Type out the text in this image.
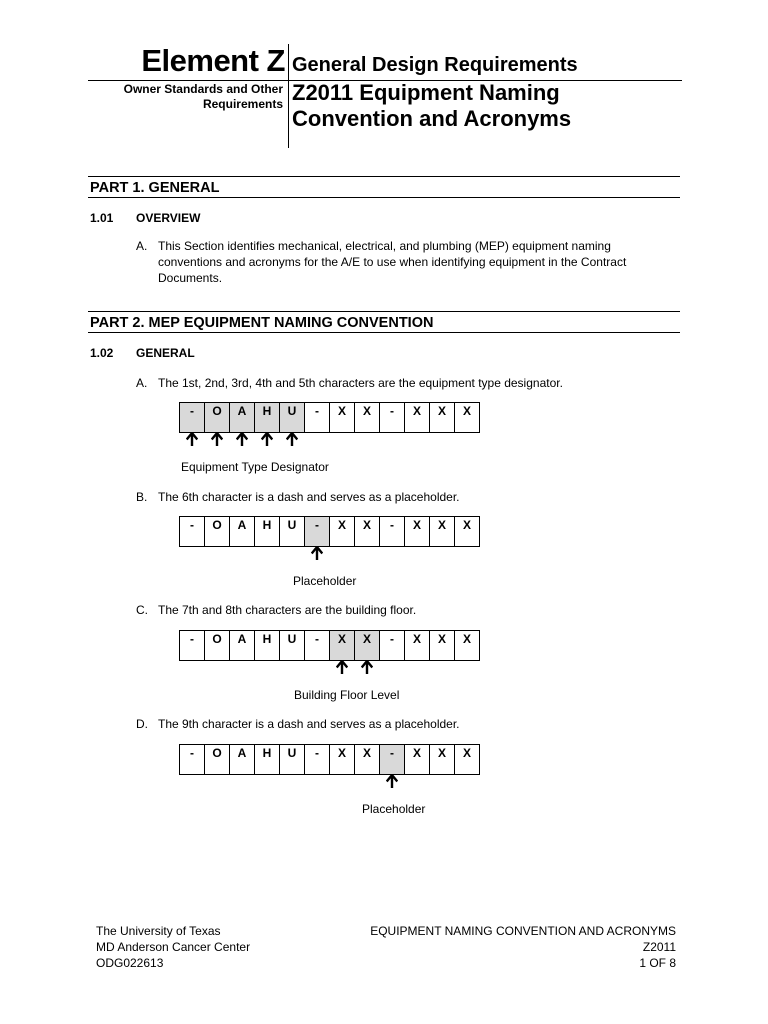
Element Z General Design Requirements
Owner Standards and Other
Requirements Z2011 Equipment Naming
Convention and Acronyms
PART 1. GENERAL
1.01 OVERVIEW
A. This Section identifies mechanical, electrical, and plumbing (MEP) equipment naming conventions and acronyms for the A/E to use when identifying equipment in the Contract Documents.
PART 2. MEP EQUIPMENT NAMING CONVENTION
1.02 GENERAL
A. The 1st, 2nd, 3rd, 4th and 5th characters are the equipment type designator.
-	O	A	H	U	-	X	X	-	X	X	X
Equipment Type Designator
B. The 6th character is a dash and serves as a placeholder.
-	O	A	H	U	-	X	X	-	X	X	X
Placeholder
C. The 7th and 8th characters are the building floor.
-	O	A	H	U	-	X	X	-	X	X	X
Building Floor Level
D. The 9th character is a dash and serves as a placeholder.
-	O	A	H	U	-	X	X	-	X	X	X
Placeholder
The University of Texas
MD Anderson Cancer Center
ODG022613
EQUIPMENT NAMING CONVENTION AND ACRONYMS
Z2011
1 OF 8
